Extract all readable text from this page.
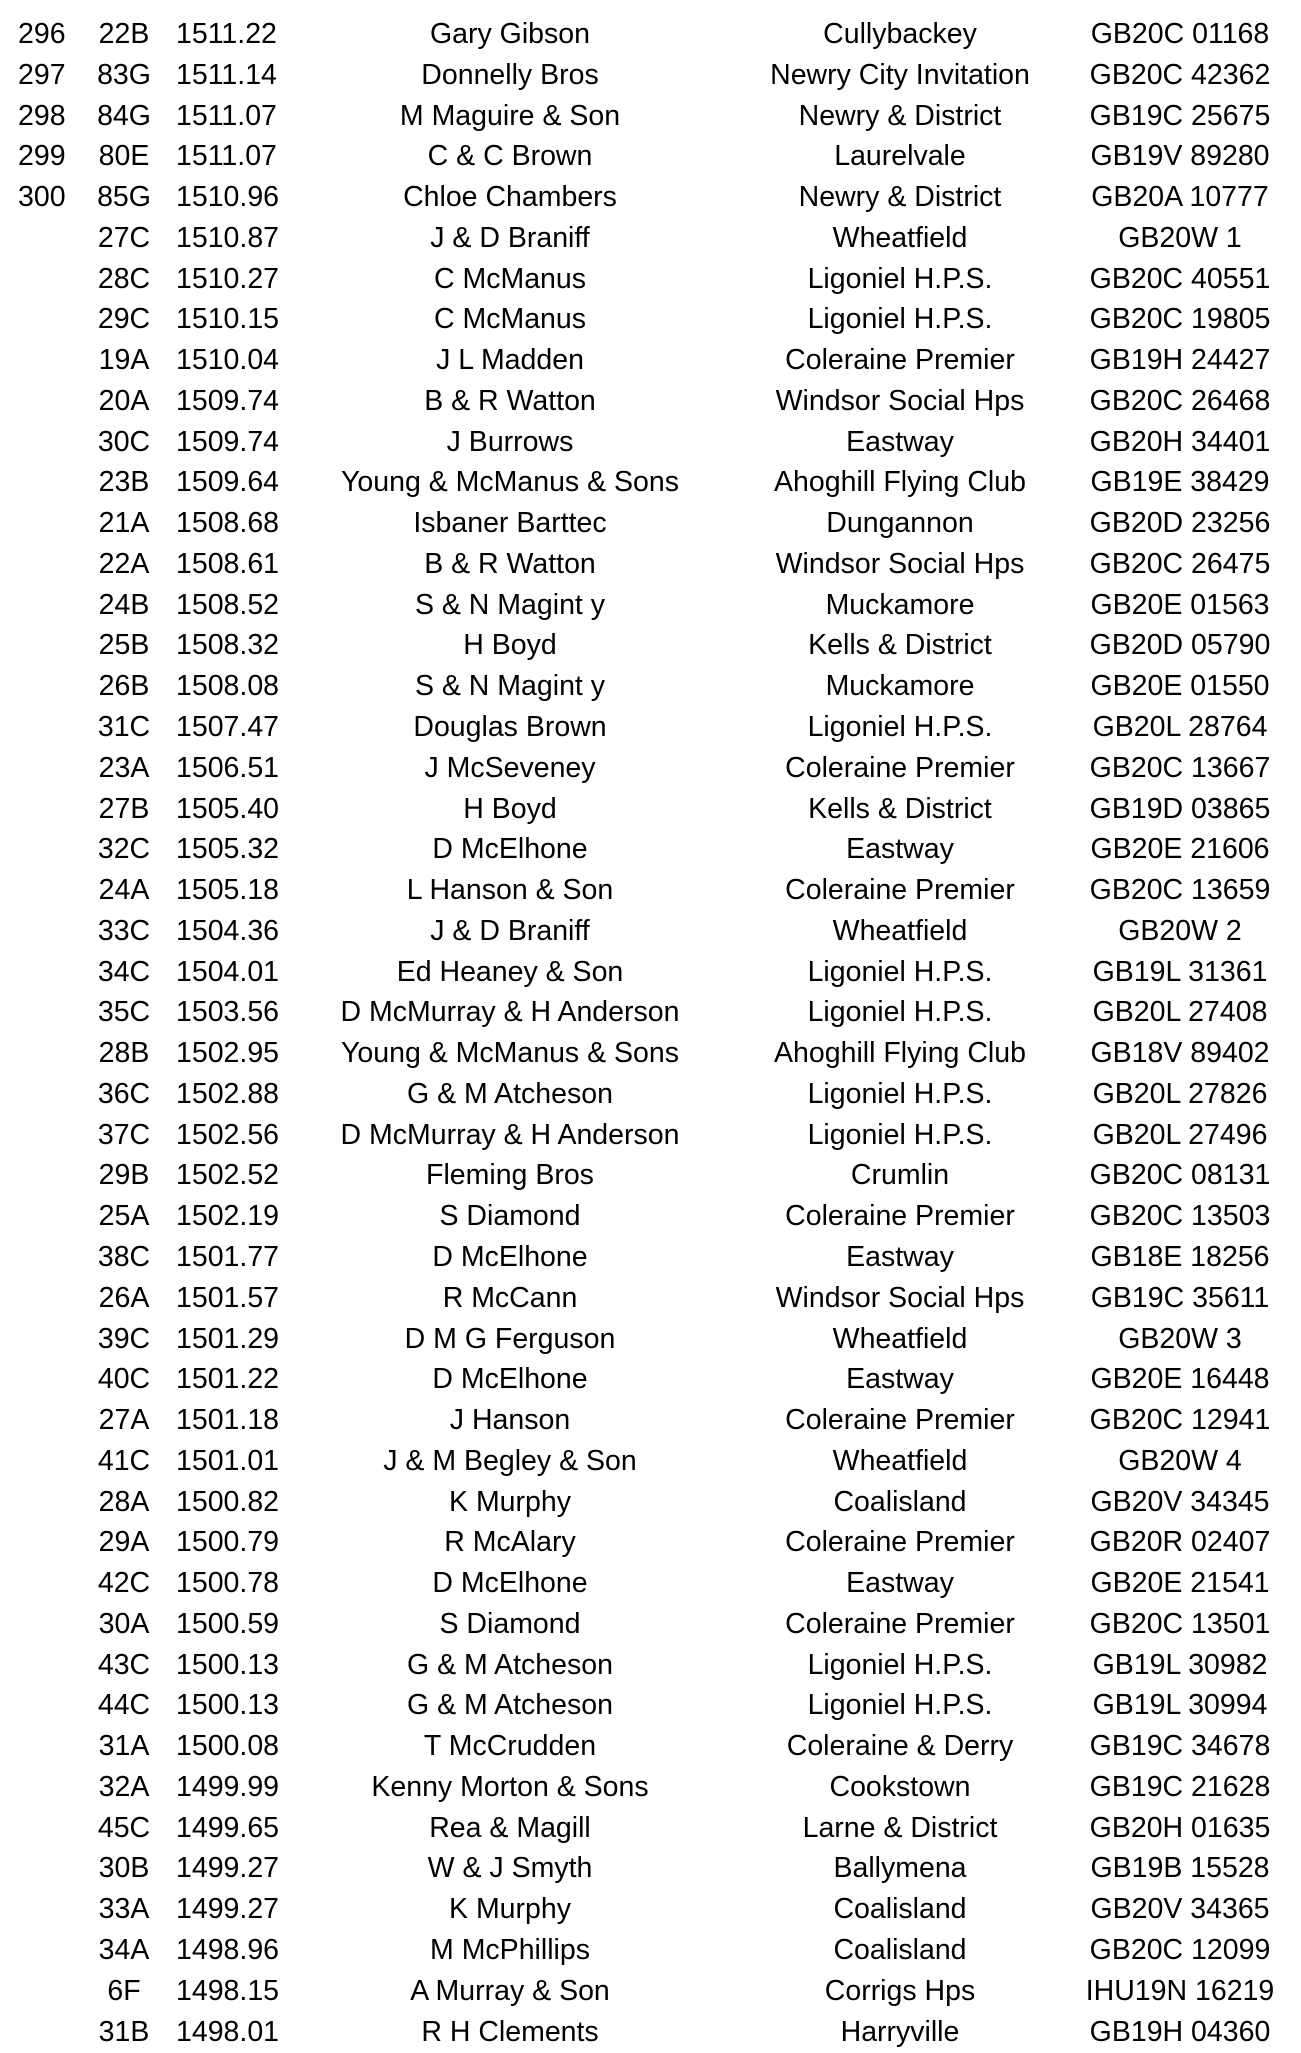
296 22B 1511.22	Gary Gibson	Cullybackey	GB20C 01168
297 83G 1511.14	Donnelly Bros	Newry City Invitation	GB20C 42362
298 84G 1511.07	M Maguire & Son	Newry & District	GB19C 25675
299 80E 1511.07	C & C Brown	Laurelvale	GB19V 89280
300 85G 1510.96	Chloe Chambers	Newry & District	GB20A 10777
27C 1510.87	J & D Braniff	Wheatfield	GB20W 1
28C 1510.27	C McManus	Ligoniel H.P.S.	GB20C 40551
29C 1510.15	C McManus	Ligoniel H.P.S.	GB20C 19805
19A 1510.04	J L Madden	Coleraine Premier	GB19H 24427
20A 1509.74	B & R Watton	Windsor Social Hps	GB20C 26468
30C 1509.74	J Burrows	Eastway	GB20H 34401
23B 1509.64	Young & McManus & Sons	Ahoghill Flying Club	GB19E 38429
21A 1508.68	Isbaner Barttec	Dungannon	GB20D 23256
22A 1508.61	B & R Watton	Windsor Social Hps	GB20C 26475
24B 1508.52	S & N Magint y	Muckamore	GB20E 01563
25B 1508.32	H Boyd	Kells & District	GB20D 05790
26B 1508.08	S & N Magint y	Muckamore	GB20E 01550
31C 1507.47	Douglas Brown	Ligoniel H.P.S.	GB20L 28764
23A 1506.51	J McSeveney	Coleraine Premier	GB20C 13667
27B 1505.40	H Boyd	Kells & District	GB19D 03865
32C 1505.32	D McElhone	Eastway	GB20E 21606
24A 1505.18	L Hanson & Son	Coleraine Premier	GB20C 13659
33C 1504.36	J & D Braniff	Wheatfield	GB20W 2
34C 1504.01	Ed Heaney & Son	Ligoniel H.P.S.	GB19L 31361
35C 1503.56	D McMurray & H Anderson	Ligoniel H.P.S.	GB20L 27408
28B 1502.95	Young & McManus & Sons	Ahoghill Flying Club	GB18V 89402
36C 1502.88	G & M Atcheson	Ligoniel H.P.S.	GB20L 27826
37C 1502.56	D McMurray & H Anderson	Ligoniel H.P.S.	GB20L 27496
29B 1502.52	Fleming Bros	Crumlin	GB20C 08131
25A 1502.19	S Diamond	Coleraine Premier	GB20C 13503
38C 1501.77	D McElhone	Eastway	GB18E 18256
26A 1501.57	R McCann	Windsor Social Hps	GB19C 35611
39C 1501.29	D M G Ferguson	Wheatfield	GB20W 3
40C 1501.22	D McElhone	Eastway	GB20E 16448
27A 1501.18	J Hanson	Coleraine Premier	GB20C 12941
41C 1501.01	J & M Begley & Son	Wheatfield	GB20W 4
28A 1500.82	K Murphy	Coalisland	GB20V 34345
29A 1500.79	R McAlary	Coleraine Premier	GB20R 02407
42C 1500.78	D McElhone	Eastway	GB20E 21541
30A 1500.59	S Diamond	Coleraine Premier	GB20C 13501
43C 1500.13	G & M Atcheson	Ligoniel H.P.S.	GB19L 30982
44C 1500.13	G & M Atcheson	Ligoniel H.P.S.	GB19L 30994
31A 1500.08	T McCrudden	Coleraine & Derry	GB19C 34678
32A 1499.99	Kenny Morton & Sons	Cookstown	GB19C 21628
45C 1499.65	Rea & Magill	Larne & District	GB20H 01635
30B 1499.27	W & J Smyth	Ballymena	GB19B 15528
33A 1499.27	K Murphy	Coalisland	GB20V 34365
34A 1498.96	M McPhillips	Coalisland	GB20C 12099
6F	1498.15	A Murray & Son	Corrigs Hps	IHU19N 16219
31B 1498.01	R H Clements	Harryville	GB19H 04360
